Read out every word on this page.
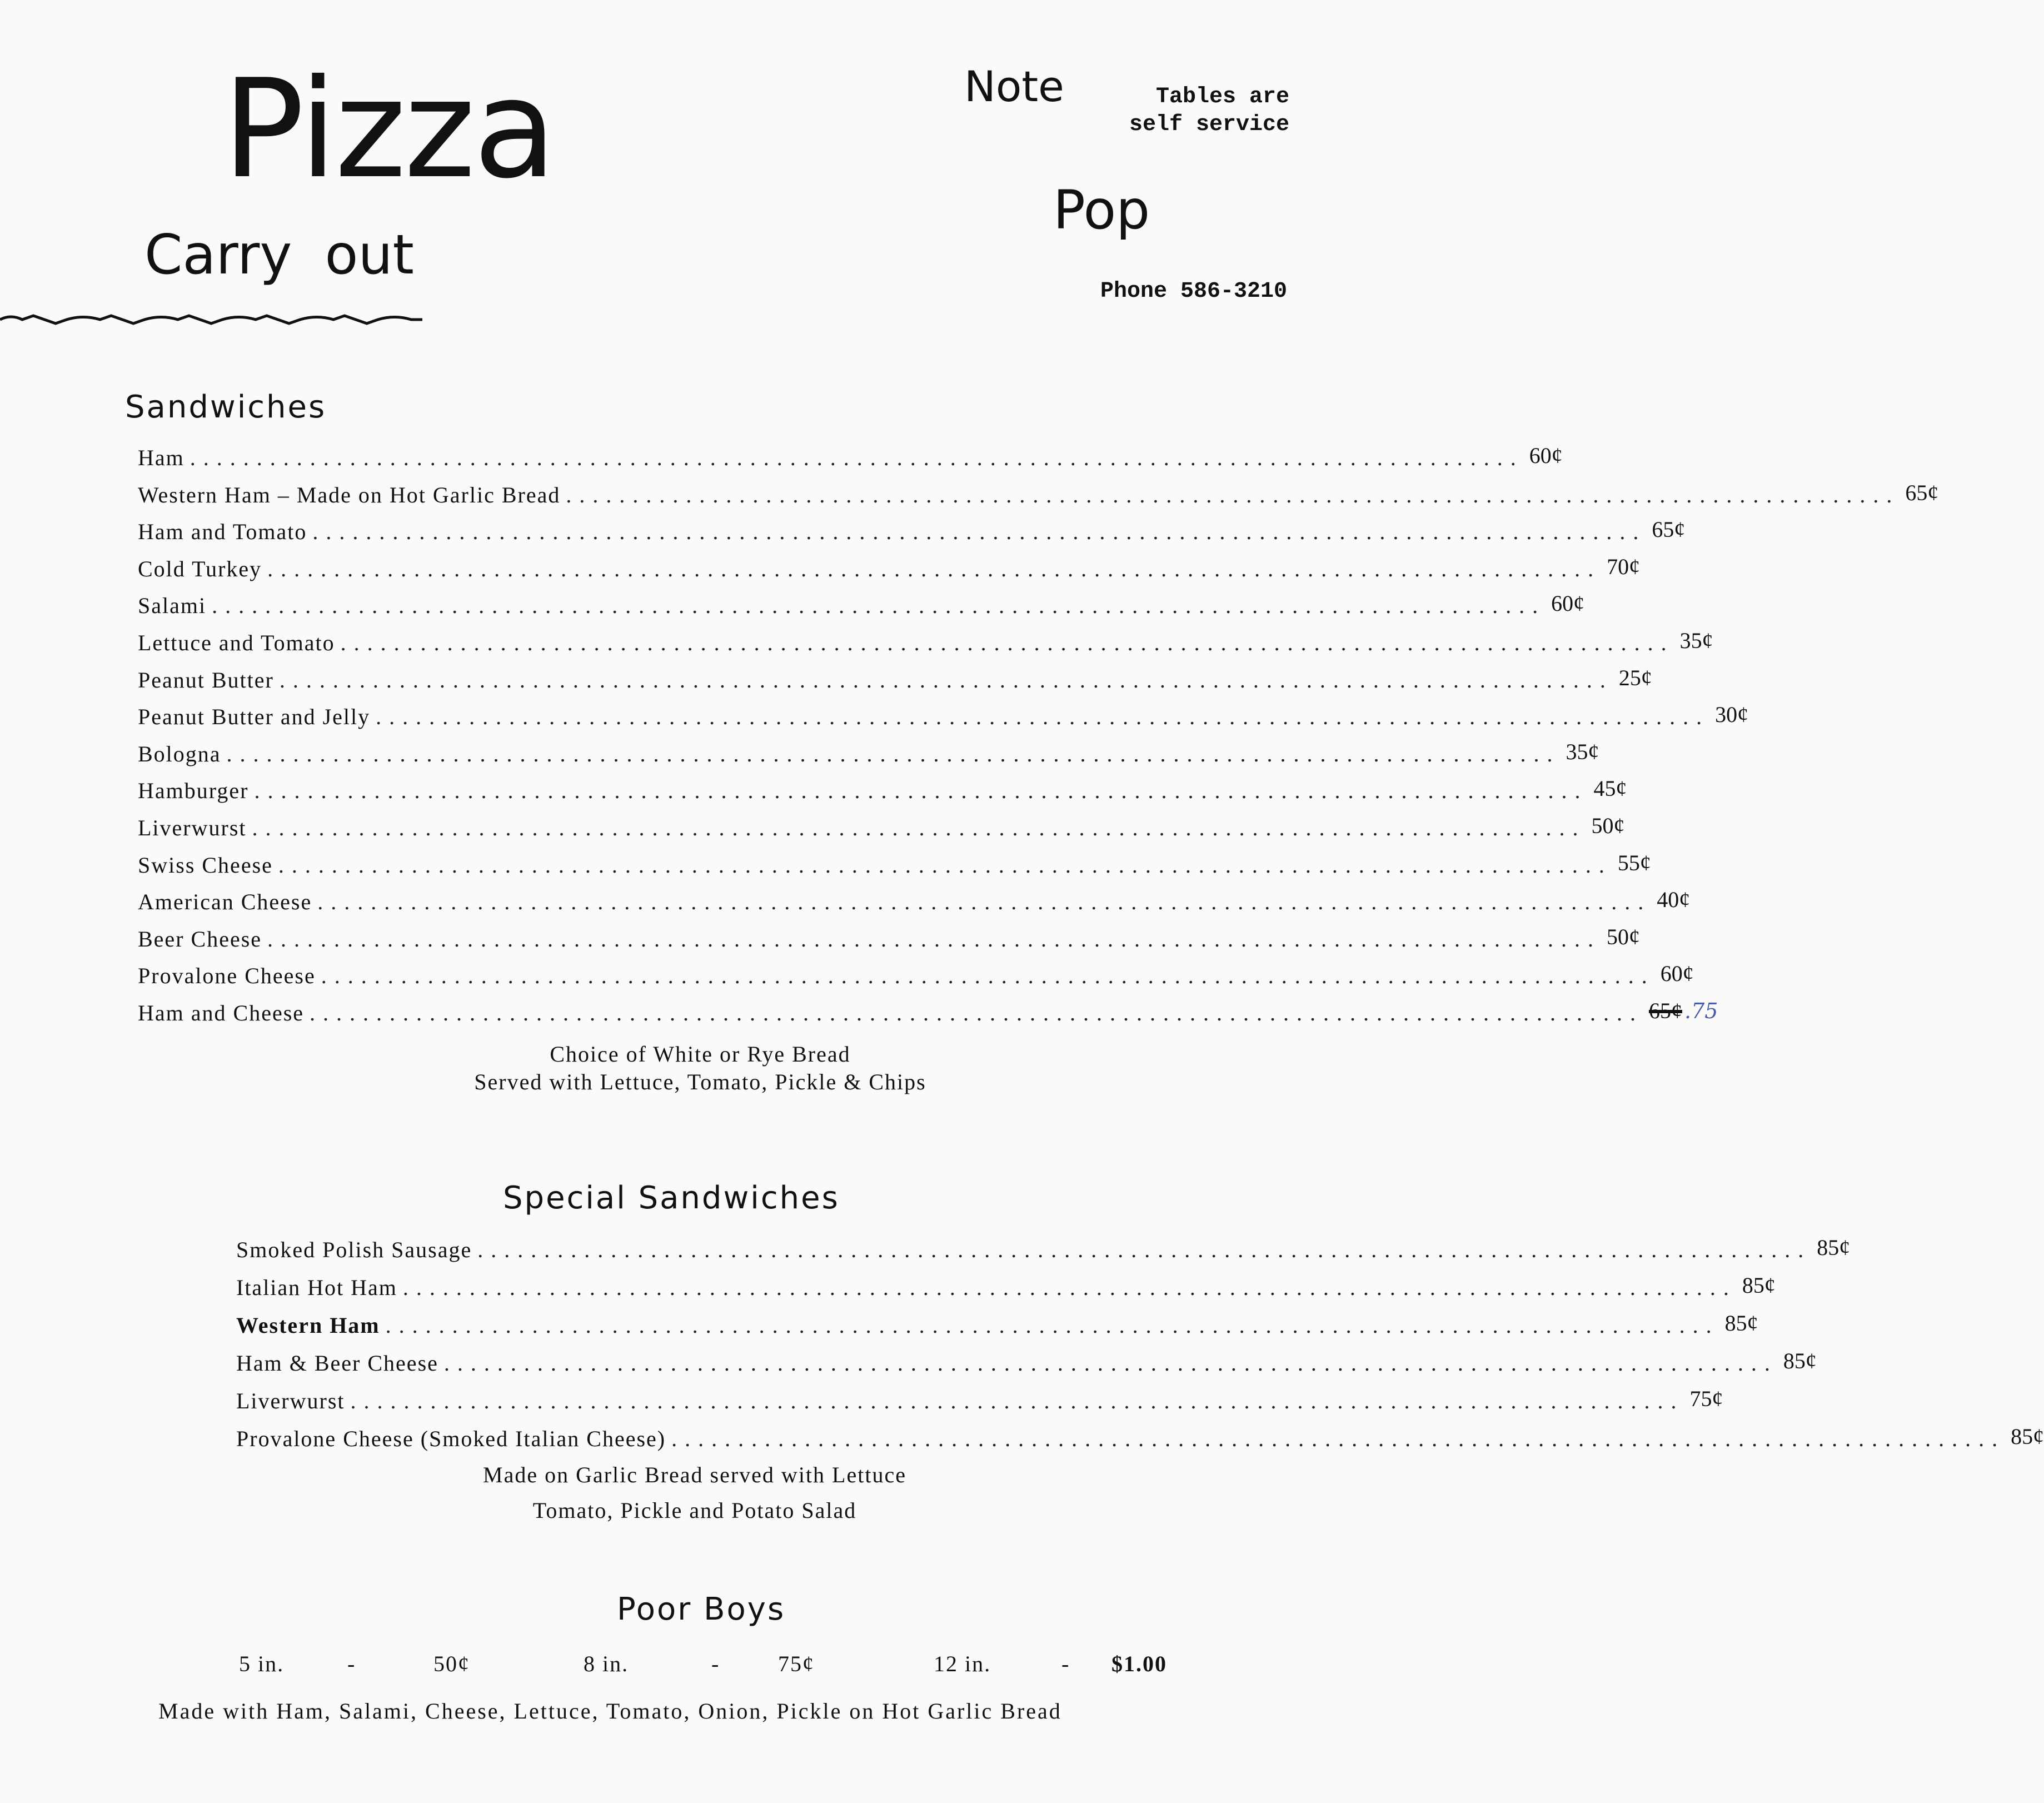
Pizza
Carry out
Note	Tables are self service
Pop
Phone 586-3210
Sandwiches
Ham .................................................................................................... 60¢
Western Ham – Made on Hot Garlic Bread .................................................................................................... 65¢
Ham and Tomato .................................................................................................... 65¢
Cold Turkey .................................................................................................... 70¢
Salami .................................................................................................... 60¢
Lettuce and Tomato .................................................................................................... 35¢
Peanut Butter .................................................................................................... 25¢
Peanut Butter and Jelly .................................................................................................... 30¢
Bologna .................................................................................................... 35¢
Hamburger .................................................................................................... 45¢
Liverwurst .................................................................................................... 50¢
Swiss Cheese .................................................................................................... 55¢
American Cheese .................................................................................................... 40¢
Beer Cheese .................................................................................................... 50¢
Provalone Cheese .................................................................................................... 60¢
Ham and Cheese .................................................................................................... 65¢ .75
Choice of White or Rye Bread
Served with Lettuce, Tomato, Pickle & Chips
Special Sandwiches
Smoked Polish Sausage .................................................................................................... 85¢
Italian Hot Ham .................................................................................................... 85¢
Western Ham .................................................................................................... 85¢
Ham & Beer Cheese .................................................................................................... 85¢
Liverwurst .................................................................................................... 75¢
Provalone Cheese (Smoked Italian Cheese) .................................................................................................... 85¢
Made on Garlic Bread served with Lettuce
Tomato, Pickle and Potato Salad
Poor Boys
5 in.	-	50¢	8 in.	-	75¢	12 in.	- $1.00
Made with Ham, Salami, Cheese, Lettuce, Tomato, Onion, Pickle on Hot Garlic Bread
